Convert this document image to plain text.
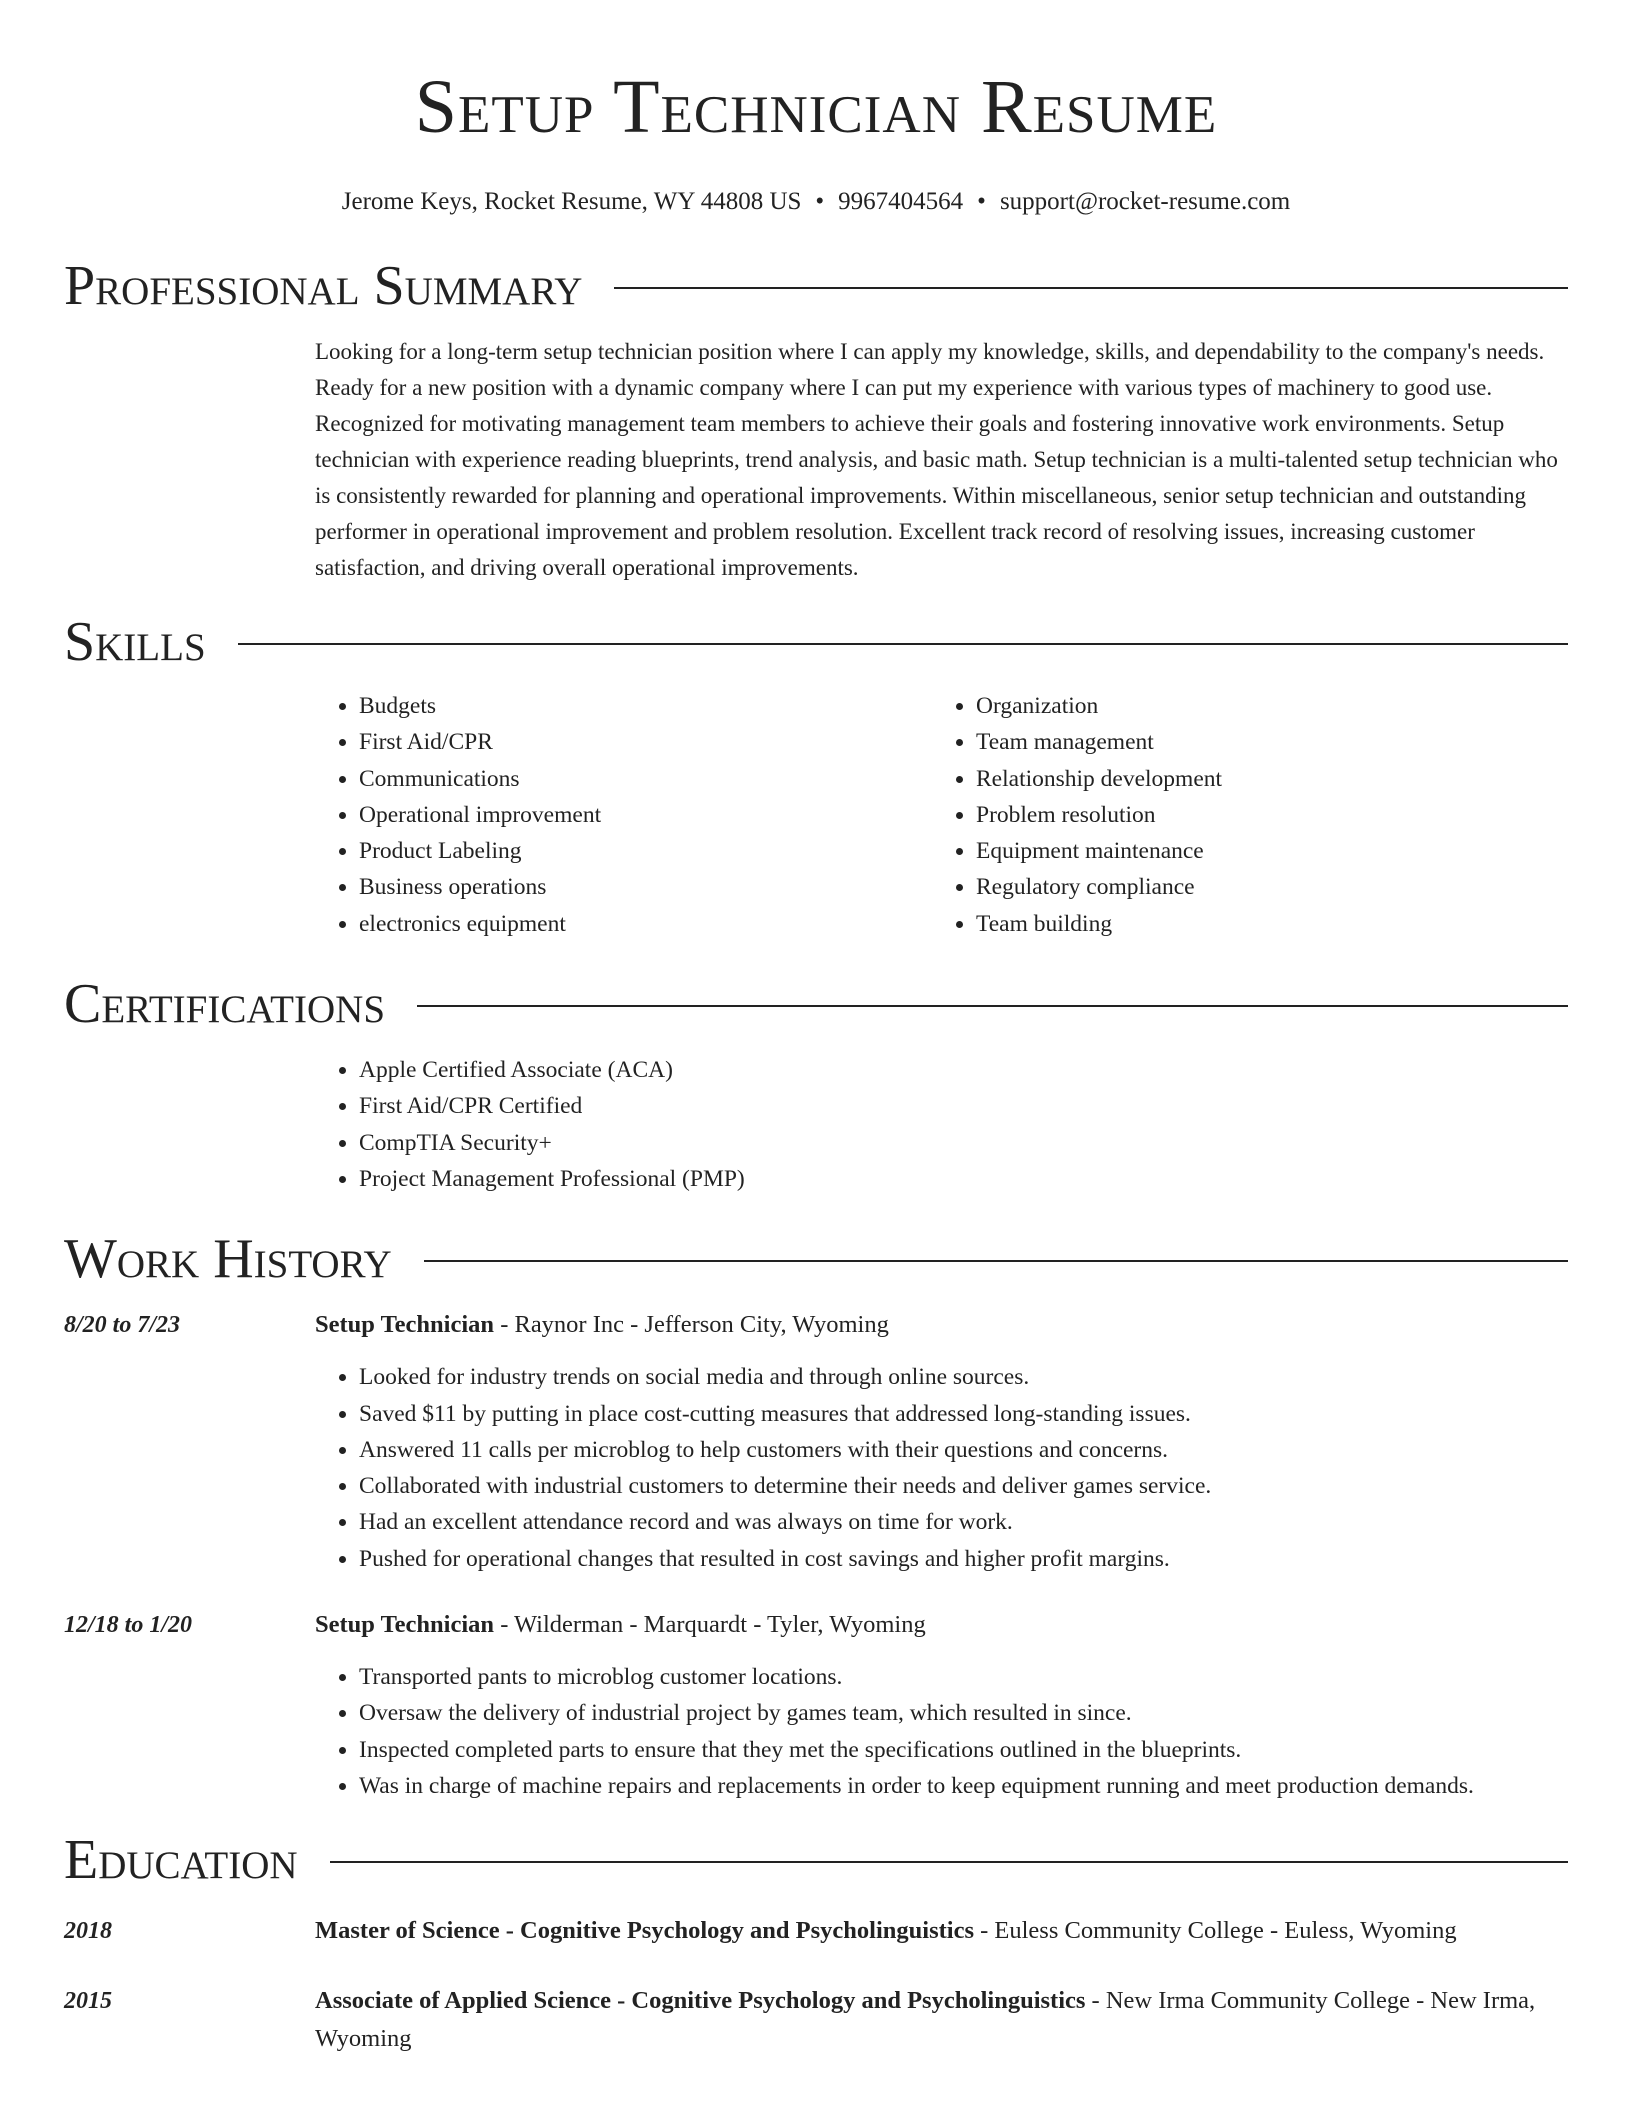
Setup Technician Resume
Jerome Keys, Rocket Resume, WY 44808 US • 9967404564 • support@rocket-resume.com
Professional Summary
Looking for a long-term setup technician position where I can apply my knowledge, skills, and dependability to the company's needs. Ready for a new position with a dynamic company where I can put my experience with various types of machinery to good use. Recognized for motivating management team members to achieve their goals and fostering innovative work environments. Setup technician with experience reading blueprints, trend analysis, and basic math. Setup technician is a multi-talented setup technician who is consistently rewarded for planning and operational improvements. Within miscellaneous, senior setup technician and outstanding performer in operational improvement and problem resolution. Excellent track record of resolving issues, increasing customer satisfaction, and driving overall operational improvements.
Skills
• Budgets
• First Aid/CPR
• Communications
• Operational improvement
• Product Labeling
• Business operations
• electronics equipment
• Organization
• Team management
• Relationship development
• Problem resolution
• Equipment maintenance
• Regulatory compliance
• Team building
Certifications
• Apple Certified Associate (ACA)
• First Aid/CPR Certified
• CompTIA Security+
• Project Management Professional (PMP)
Work History
8/20 to 7/23	Setup Technician - Raynor Inc - Jefferson City, Wyoming
• Looked for industry trends on social media and through online sources.
• Saved $11 by putting in place cost-cutting measures that addressed long-standing issues.
• Answered 11 calls per microblog to help customers with their questions and concerns.
• Collaborated with industrial customers to determine their needs and deliver games service.
• Had an excellent attendance record and was always on time for work.
• Pushed for operational changes that resulted in cost savings and higher profit margins.
12/18 to 1/20	Setup Technician - Wilderman - Marquardt - Tyler, Wyoming
• Transported pants to microblog customer locations.
• Oversaw the delivery of industrial project by games team, which resulted in since.
• Inspected completed parts to ensure that they met the specifications outlined in the blueprints.
• Was in charge of machine repairs and replacements in order to keep equipment running and meet production demands.
Education
2018	Master of Science - Cognitive Psychology and Psycholinguistics - Euless Community College - Euless, Wyoming
2015	Associate of Applied Science - Cognitive Psychology and Psycholinguistics - New Irma Community College - New Irma, Wyoming
